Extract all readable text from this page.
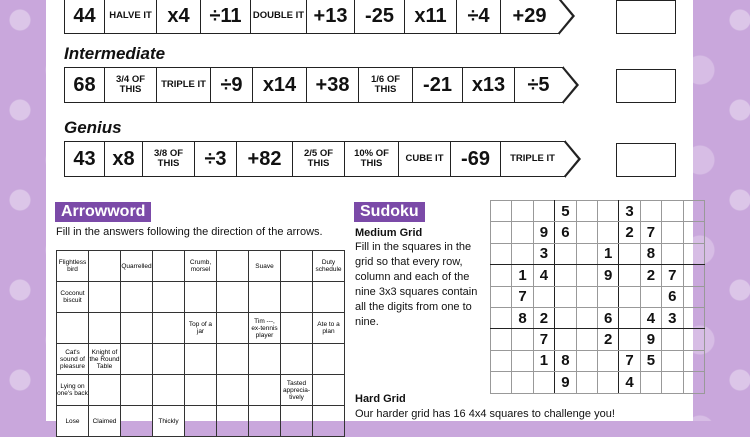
44	HALVE IT x4 ÷11	DOUBLE IT +13 -25	x11	÷4	+29
Intermediate
68	3/4 OF THIS	TRIPLE IT ÷9	x14 +38	1/6 OF THIS	-21 x13	÷5
Genius
43 x8	3/8 OF THIS	÷3	+82	2/5 OF THIS
10% OF THIS	CUBE IT -69	TRIPLE IT
Arrowword
Fill in the answers following the direction of the arrows.
Flightless bird		Quarrelled		Crumb, morsel		Suave		Duty schedule
Coconut biscuit								
				Top of a jar		Tim ---, ex-tennis player		Ate to a plan
Cat's sound of pleasure	Knight of the Round Table							
Lying on one's back							Tasted apprecia-tively	
Lose	Claimed		Thickly					
Sudoku
Medium Grid
Fill in the squares in the grid so that every row, column and each of the nine 3x3 squares contain all the digits from one to nine.
Hard Grid
Our harder grid has 16 4x4 squares to challenge you!
			5			3			
		9	6			2	7		
		3			1		8		
	1	4			9		2	7	
	7							6	
	8	2			6		4	3	
		7			2		9		
		1	8			7	5		
			9			4			
